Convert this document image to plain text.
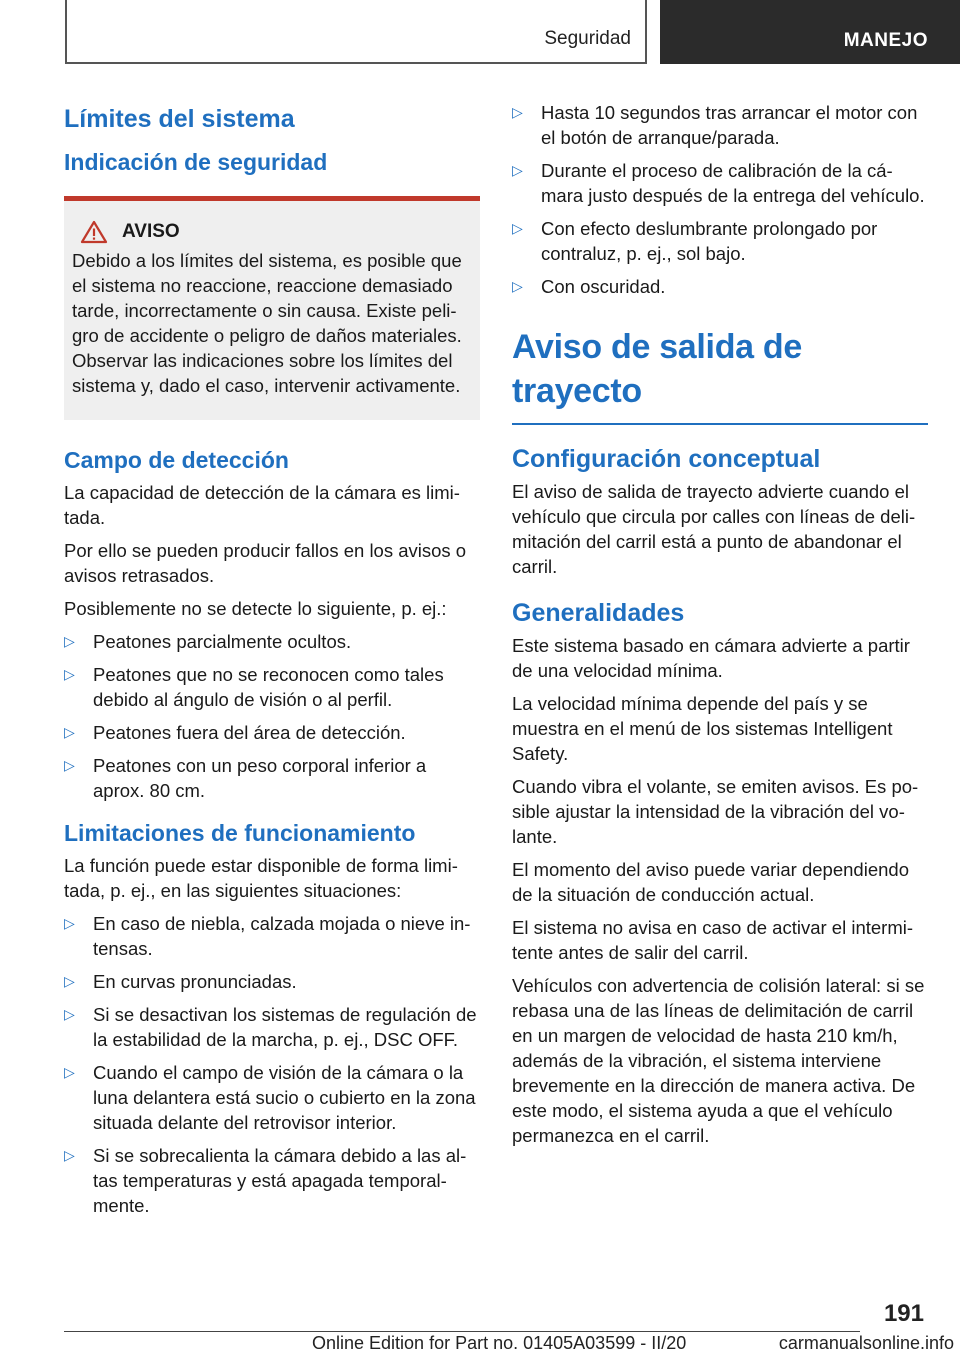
Seguridad	MANEJO
Límites del sistema
Indicación de seguridad
AVISO
Debido a los límites del sistema, es posible que el sistema no reaccione, reaccione demasiado tarde, incorrectamente o sin causa. Existe peligro de accidente o peligro de daños materiales. Observar las indicaciones sobre los límites del sistema y, dado el caso, intervenir activamente.
Campo de detección

La capacidad de detección de la cámara es limitada.

Por ello se pueden producir fallos en los avisos o avisos retrasados.

Posiblemente no se detecte lo siguiente, p. ej.:

▷ Peatones parcialmente ocultos.
▷ Peatones que no se reconocen como tales debido al ángulo de visión o al perfil.
▷ Peatones fuera del área de detección.
▷ Peatones con un peso corporal inferior a aprox. 80 cm.
Limitaciones de funcionamiento

La función puede estar disponible de forma limitada, p. ej., en las siguientes situaciones:

▷ En caso de niebla, calzada mojada o nieve intensas.
▷ En curvas pronunciadas.
▷ Si se desactivan los sistemas de regulación de la estabilidad de la marcha, p. ej., DSC OFF.
▷ Cuando el campo de visión de la cámara o la luna delantera está sucio o cubierto en la zona situada delante del retrovisor interior.
▷ Si se sobrecalienta la cámara debido a las altas temperaturas y está apagada temporalmente.
▷ Hasta 10 segundos tras arrancar el motor con el botón de arranque/parada.
▷ Durante el proceso de calibración de la cámara justo después de la entrega del vehículo.
▷ Con efecto deslumbrante prolongado por contraluz, p. ej., sol bajo.
▷ Con oscuridad.
Aviso de salida de trayecto
Configuración conceptual

El aviso de salida de trayecto advierte cuando el vehículo que circula por calles con líneas de delimitación del carril está a punto de abandonar el carril.

Generalidades

Este sistema basado en cámara advierte a partir de una velocidad mínima.

La velocidad mínima depende del país y se muestra en el menú de los sistemas Intelligent Safety.

Cuando vibra el volante, se emiten avisos. Es posible ajustar la intensidad de la vibración del volante.

El momento del aviso puede variar dependiendo de la situación de conducción actual.

El sistema no avisa en caso de activar el intermitente antes de salir del carril.

Vehículos con advertencia de colisión lateral: si se rebasa una de las líneas de delimitación de carril en un margen de velocidad de hasta 210 km/h, además de la vibración, el sistema interviene brevemente en la dirección de manera activa. De este modo, el sistema ayuda a que el vehículo permanezca en el carril.

191
Online Edition for Part no. 01405A03599 - II/20	carmanualsonline.info
